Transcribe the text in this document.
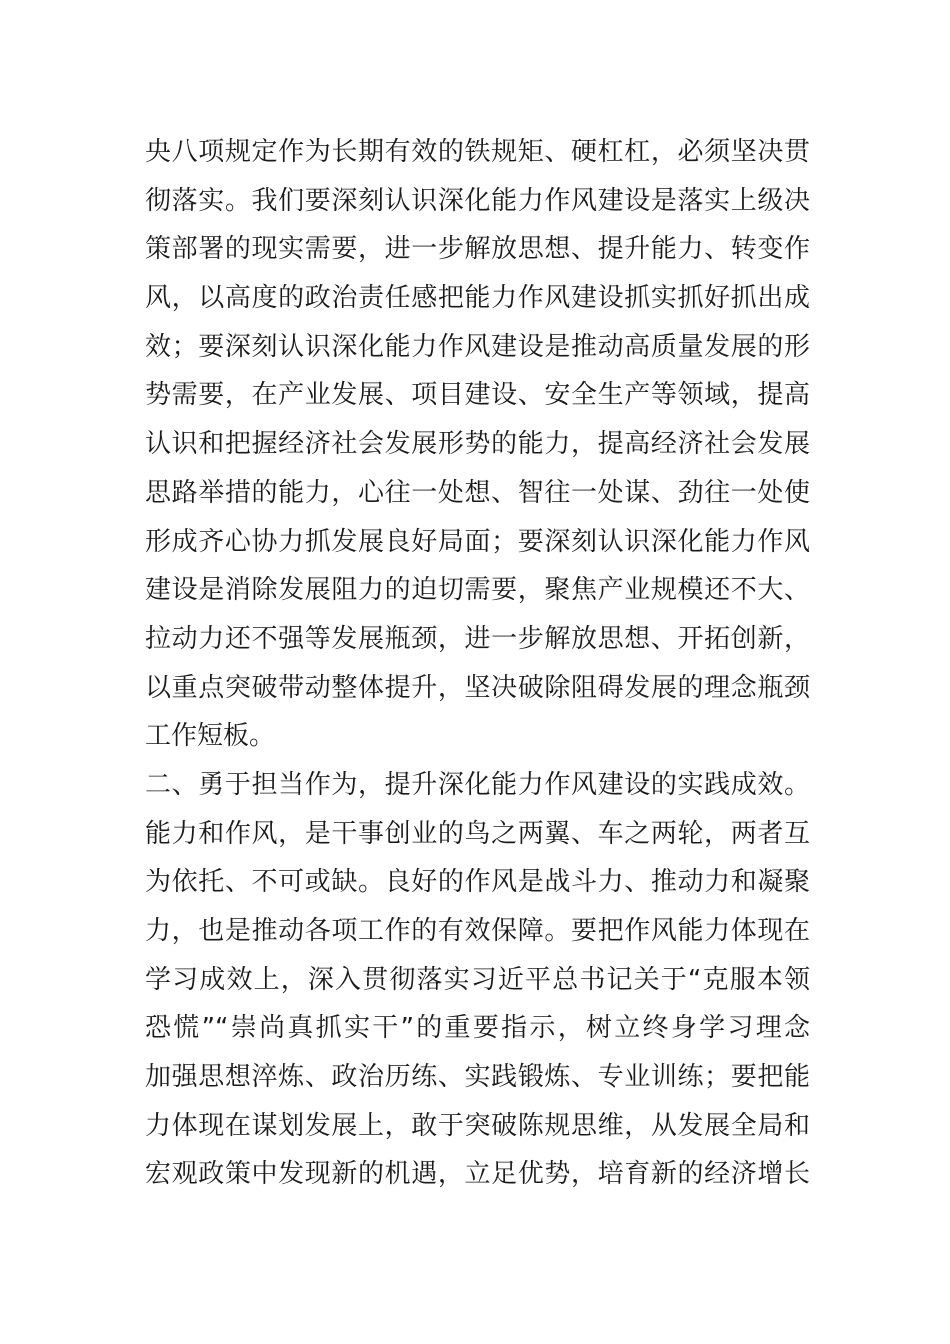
央八项规定作为长期有效的铁规矩、硬杠杠，必须坚决贯
彻落实。我们要深刻认识深化能力作风建设是落实上级决
策部署的现实需要，进一步解放思想、提升能力、转变作
风，以高度的政治责任感把能力作风建设抓实抓好抓出成
效；要深刻认识深化能力作风建设是推动高质量发展的形
势需要，在产业发展、项目建设、安全生产等领域，提高
认识和把握经济社会发展形势的能力，提高经济社会发展
思路举措的能力，心往一处想、智往一处谋、劲往一处使
形成齐心协力抓发展良好局面；要深刻认识深化能力作风
建设是消除发展阻力的迫切需要，聚焦产业规模还不大、
拉动力还不强等发展瓶颈，进一步解放思想、开拓创新，
以重点突破带动整体提升，坚决破除阻碍发展的理念瓶颈
工作短板。
二、勇于担当作为，提升深化能力作风建设的实践成效。
能力和作风，是干事创业的鸟之两翼、车之两轮，两者互
为依托、不可或缺。良好的作风是战斗力、推动力和凝聚
力，也是推动各项工作的有效保障。要把作风能力体现在
学习成效上，深入贯彻落实习近平总书记关于“克服本领
恐慌”“崇尚真抓实干”的重要指示，树立终身学习理念
加强思想淬炼、政治历练、实践锻炼、专业训练；要把能
力体现在谋划发展上，敢于突破陈规思维，从发展全局和
宏观政策中发现新的机遇，立足优势，培育新的经济增长
